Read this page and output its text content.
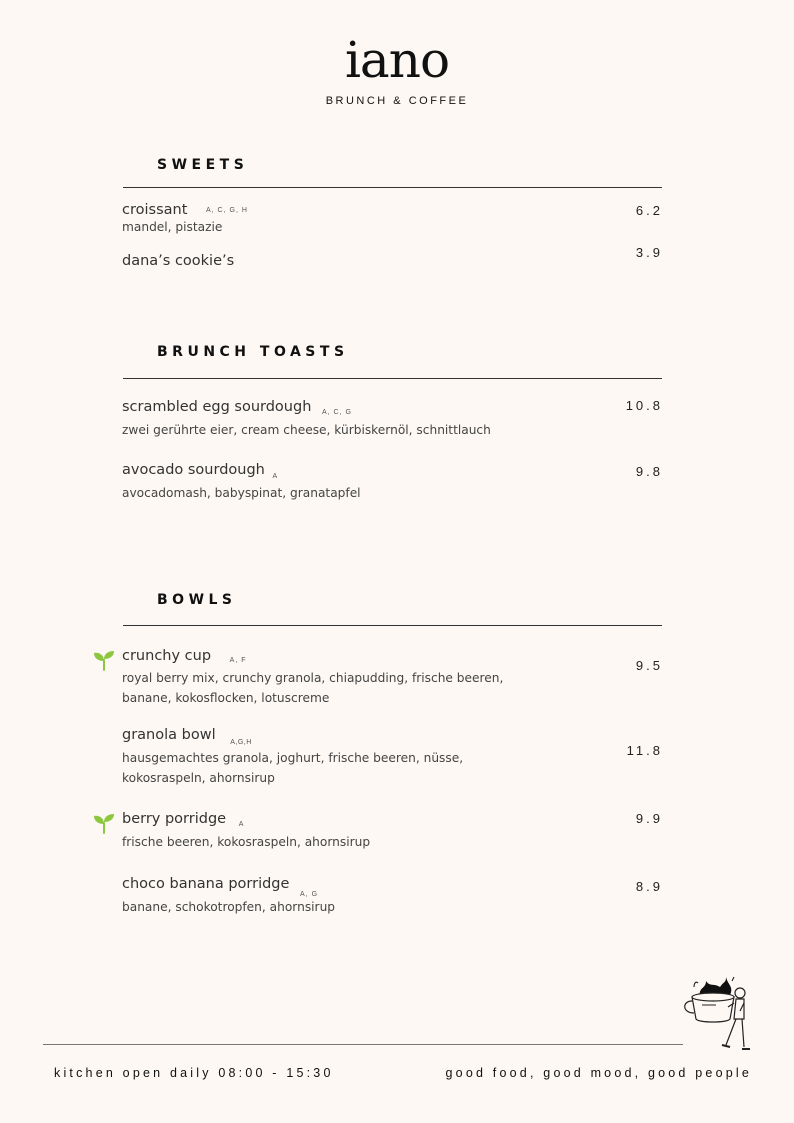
iano
BRUNCH & COFFEE
SWEETS
croissant	A, C, G, H
mandel, pistazie
6.2
dana’s cookie’s
3.9
BRUNCH TOASTS
scrambled egg sourdough $_{A, C, G}$
zwei gerührte eier, cream cheese, kürbiskernöl, schnittlauch
10.8
avocado sourdough $_A$
avocadomash, babyspinat, granatapfel
9.8
BOWLS
crunchy cup	A, F
royal berry mix, crunchy granola, chiapudding, frische beeren,
banane, kokosflocken, lotuscreme
9.5
granola bowl $_{A,G,H}$
hausgemachtes granola, joghurt, frische beeren, nüsse,
kokosraspeln, ahornsirup
11.8
berry porridge $_A$
frische beeren, kokosraspeln, ahornsirup
9.9
choco banana porridge $_{A, G}$
banane, schokotropfen, ahornsirup
8.9
kitchen open daily 08:00 - 15:30	good food, good mood, good people
